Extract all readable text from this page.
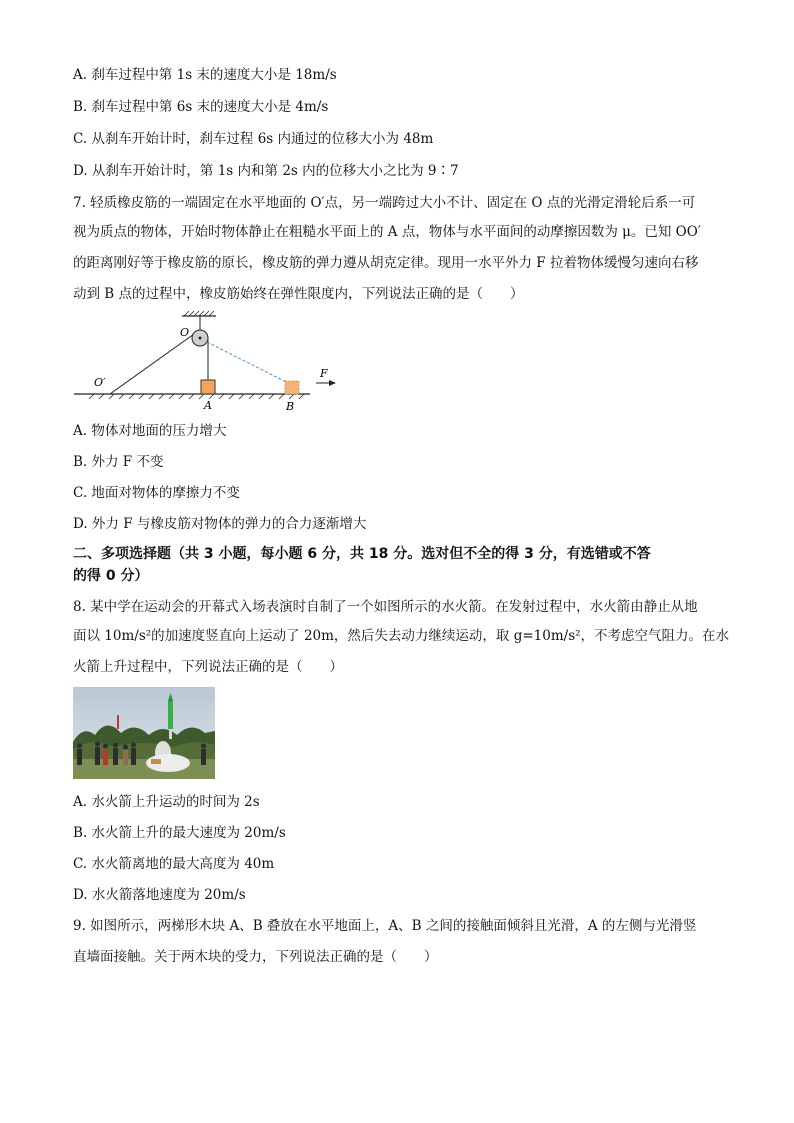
A. 刹车过程中第 1s 末的速度大小是 18m/s
B. 刹车过程中第 6s 末的速度大小是 4m/s
C. 从刹车开始计时，刹车过程 6s 内通过的位移大小为 48m
D. 从刹车开始计时，第 1s 内和第 2s 内的位移大小之比为 9∶7
7. 轻质橡皮筋的一端固定在水平地面的 O′点，另一端跨过大小不计、固定在 O 点的光滑定滑轮后系一可
视为质点的物体，开始时物体静止在粗糙水平面上的 A 点，物体与水平面间的动摩擦因数为 μ。已知 OO′
的距离刚好等于橡皮筋的原长，橡皮筋的弹力遵从胡克定律。现用一水平外力 F 拉着物体缓慢匀速向右移
动到 B 点的过程中，橡皮筋始终在弹性限度内，下列说法正确的是（　　）
O
O′
A	B
F
A. 物体对地面的压力增大
B. 外力 F 不变
C. 地面对物体的摩擦力不变
D. 外力 F 与橡皮筋对物体的弹力的合力逐渐增大
二、多项选择题（共 3 小题，每小题 6 分，共 18 分。选对但不全的得 3 分，有选错或不答
的得 0 分）
8. 某中学在运动会的开幕式入场表演时自制了一个如图所示的水火箭。在发射过程中，水火箭由静止从地
面以 10m/s²的加速度竖直向上运动了 20m，然后失去动力继续运动，取 g=10m/s²，不考虑空气阻力。在水
火箭上升过程中，下列说法正确的是（　　）
A. 水火箭上升运动的时间为 2s
B. 水火箭上升的最大速度为 20m/s
C. 水火箭离地的最大高度为 40m
D. 水火箭落地速度为 20m/s
9. 如图所示，两梯形木块 A、B 叠放在水平地面上，A、B 之间的接触面倾斜且光滑，A 的左侧与光滑竖
直墙面接触。关于两木块的受力，下列说法正确的是（　　）
